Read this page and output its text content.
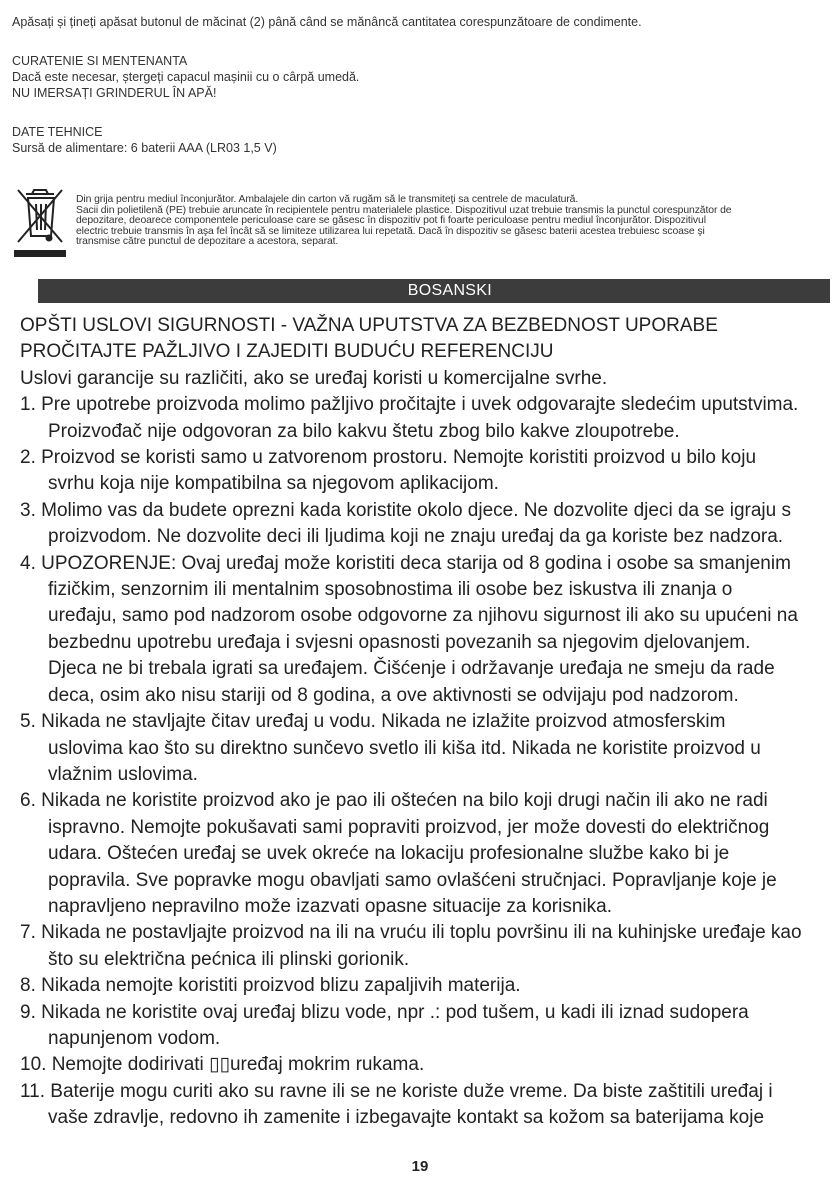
Apăsați și țineți apăsat butonul de măcinat (2) până când se mănâncă cantitatea corespunzătoare de condimente.
CURATENIE SI MENTENANTA
Dacă este necesar, ștergeți capacul mașinii cu o cârpă umedă.
NU IMERSAȚI GRINDERUL ÎN APĂ!
DATE TEHNICE
Sursă de alimentare: 6 baterii AAA (LR03 1,5 V)
Din grija pentru mediul înconjurător. Ambalajele din carton vă rugăm să le transmiteţi sa centrele de maculatură.
Sacii din polietilenă (PE) trebuie aruncate în recipientele pentru materialele plastice. Dispozitivul uzat trebuie transmis la punctul corespunzător de
depozitare, deoarece componentele periculoase care se găsesc în dispozitiv pot fi foarte periculoase pentru mediul înconjurător. Dispozitivul
electric trebuie transmis în aşa fel încât să se limiteze utilizarea lui repetată. Dacă în dispozitiv se găsesc baterii acestea trebuiesc scoase şi
transmise către punctul de depozitare a acestora, separat.
BOSANSKI
OPŠTI USLOVI SIGURNOSTI - VAŽNA UPUTSTVA ZA BEZBEDNOST UPORABE
PROČITAJTE PAŽLJIVO I ZAJEDITI BUDUĆU REFERENCIJU
Uslovi garancije su različiti, ako se uređaj koristi u komercijalne svrhe.
1. Pre upotrebe proizvoda molimo pažljivo pročitajte i uvek odgovarajte sledećim uputstvima.
Proizvođač nije odgovoran za bilo kakvu štetu zbog bilo kakve zloupotrebe.
2. Proizvod se koristi samo u zatvorenom prostoru. Nemojte koristiti proizvod u bilo koju
svrhu koja nije kompatibilna sa njegovom aplikacijom.
3. Molimo vas da budete oprezni kada koristite okolo djece. Ne dozvolite djeci da se igraju s
proizvodom. Ne dozvolite deci ili ljudima koji ne znaju uređaj da ga koriste bez nadzora.
4. UPOZORENJE: Ovaj uređaj može koristiti deca starija od 8 godina i osobe sa smanjenim
fizičkim, senzornim ili mentalnim sposobnostima ili osobe bez iskustva ili znanja o
uređaju, samo pod nadzorom osobe odgovorne za njihovu sigurnost ili ako su upućeni na
bezbednu upotrebu uređaja i svjesni opasnosti povezanih sa njegovim djelovanjem.
Djeca ne bi trebala igrati sa uređajem. Čišćenje i održavanje uređaja ne smeju da rade
deca, osim ako nisu stariji od 8 godina, a ove aktivnosti se odvijaju pod nadzorom.
5. Nikada ne stavljajte čitav uređaj u vodu. Nikada ne izlažite proizvod atmosferskim
uslovima kao što su direktno sunčevo svetlo ili kiša itd. Nikada ne koristite proizvod u
vlažnim uslovima.
6. Nikada ne koristite proizvod ako je pao ili oštećen na bilo koji drugi način ili ako ne radi
ispravno. Nemojte pokušavati sami popraviti proizvod, jer može dovesti do električnog
udara. Oštećen uređaj se uvek okreće na lokaciju profesionalne službe kako bi je
popravila. Sve popravke mogu obavljati samo ovlašćeni stručnjaci. Popravljanje koje je
napravljeno nepravilno može izazvati opasne situacije za korisnika.
7. Nikada ne postavljajte proizvod na ili na vruću ili toplu površinu ili na kuhinjske uređaje kao
što su električna pećnica ili plinski gorionik.
8. Nikada nemojte koristiti proizvod blizu zapaljivih materija.
9. Nikada ne koristite ovaj uređaj blizu vode, npr .: pod tušem, u kadi ili iznad sudopera
napunjenom vodom.
10. Nemojte dodirivati ▯▯uređaj mokrim rukama.
11. Baterije mogu curiti ako su ravne ili se ne koriste duže vreme. Da biste zaštitili uređaj i
vaše zdravlje, redovno ih zamenite i izbegavajte kontakt sa kožom sa baterijama koje
19
